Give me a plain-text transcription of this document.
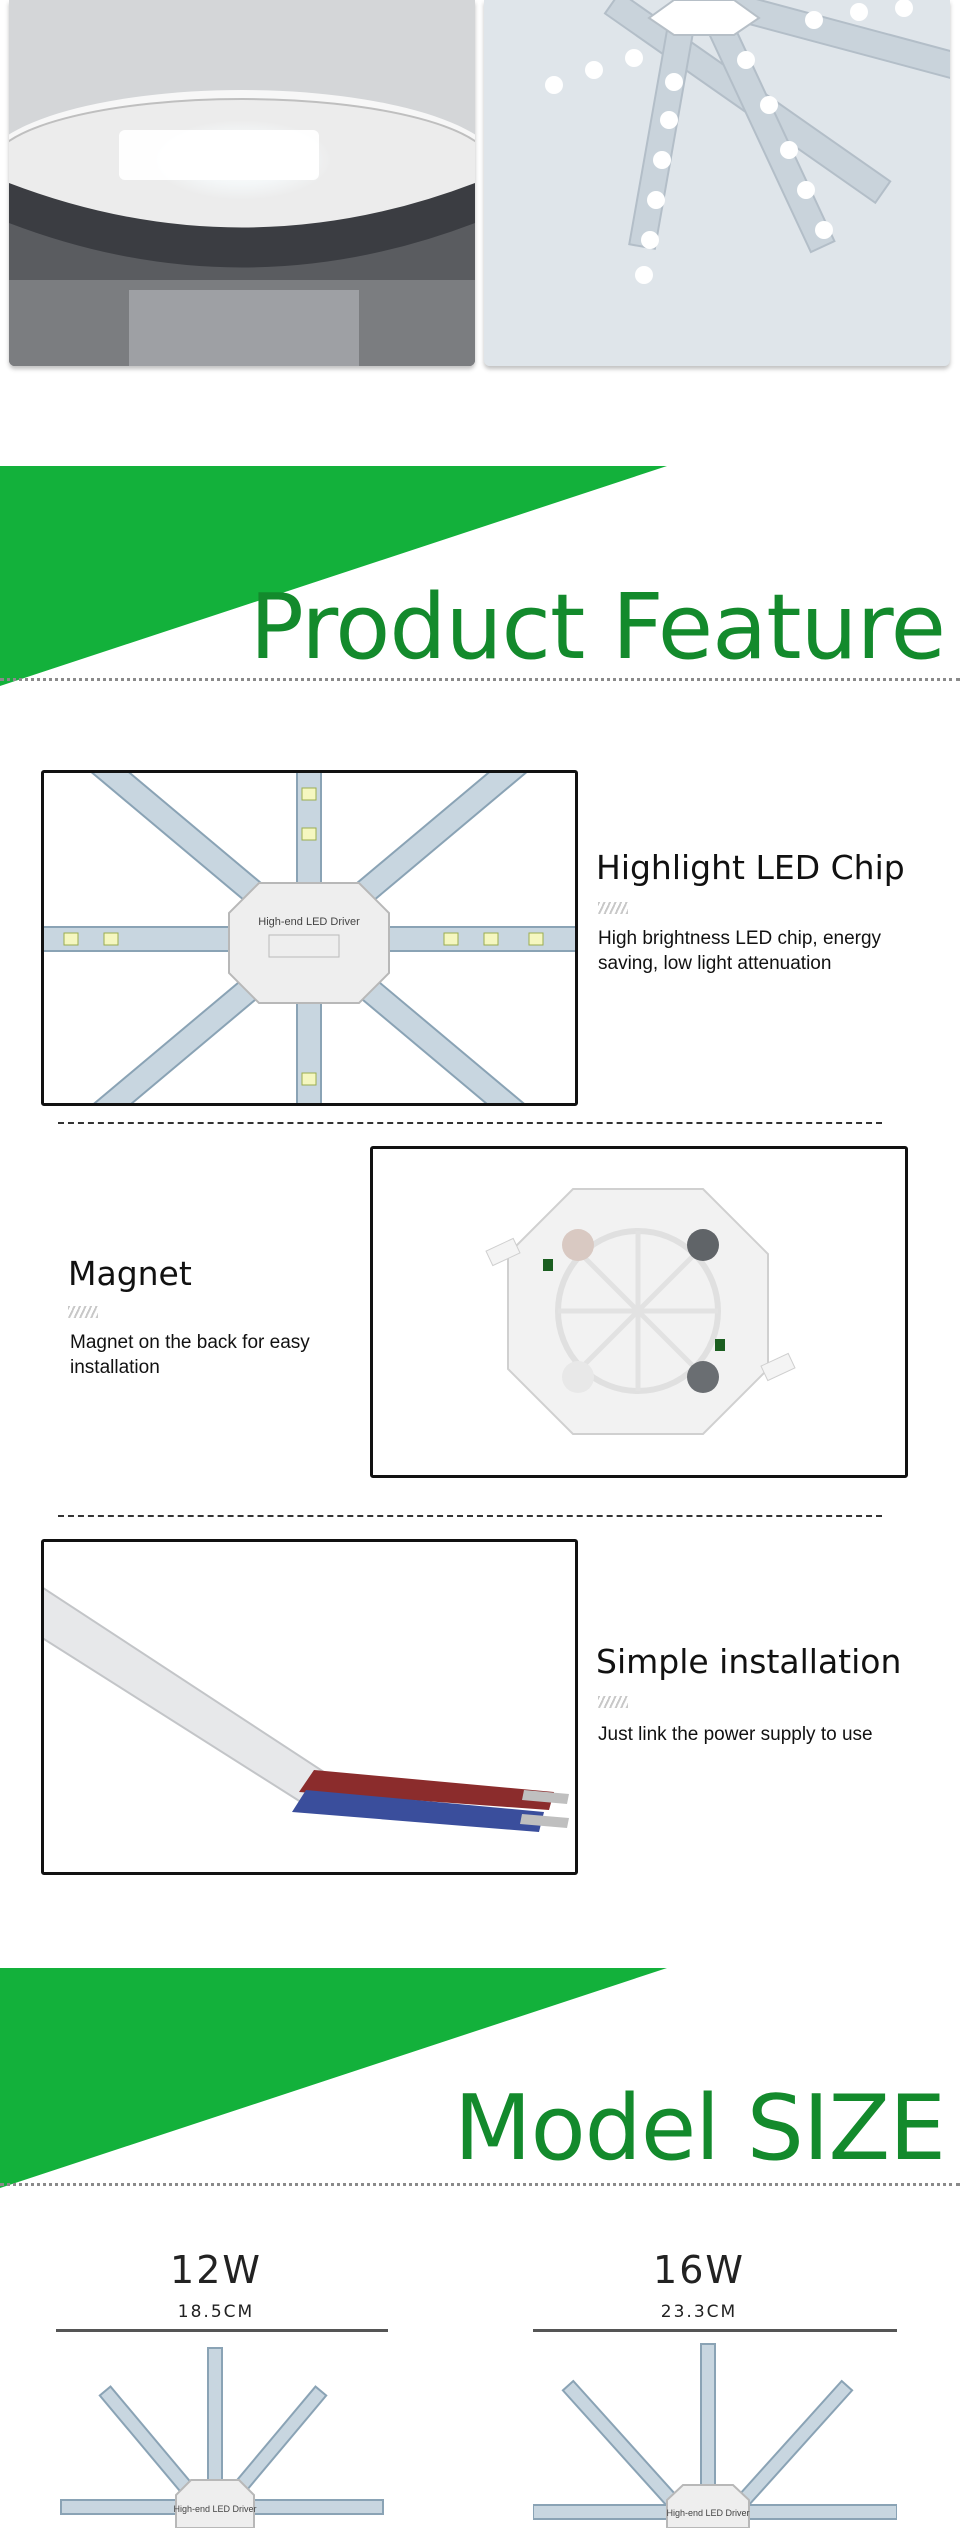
Product Feature
High-end LED Driver
Highlight LED Chip
High brightness LED chip, energy saving, low light attenuation
Magnet
Magnet on the back for easy installation
Simple installation
Just link the power supply to use
Model SIZE
12W
18.5CM
High-end LED Driver
16W
23.3CM
High-end LED Driver
